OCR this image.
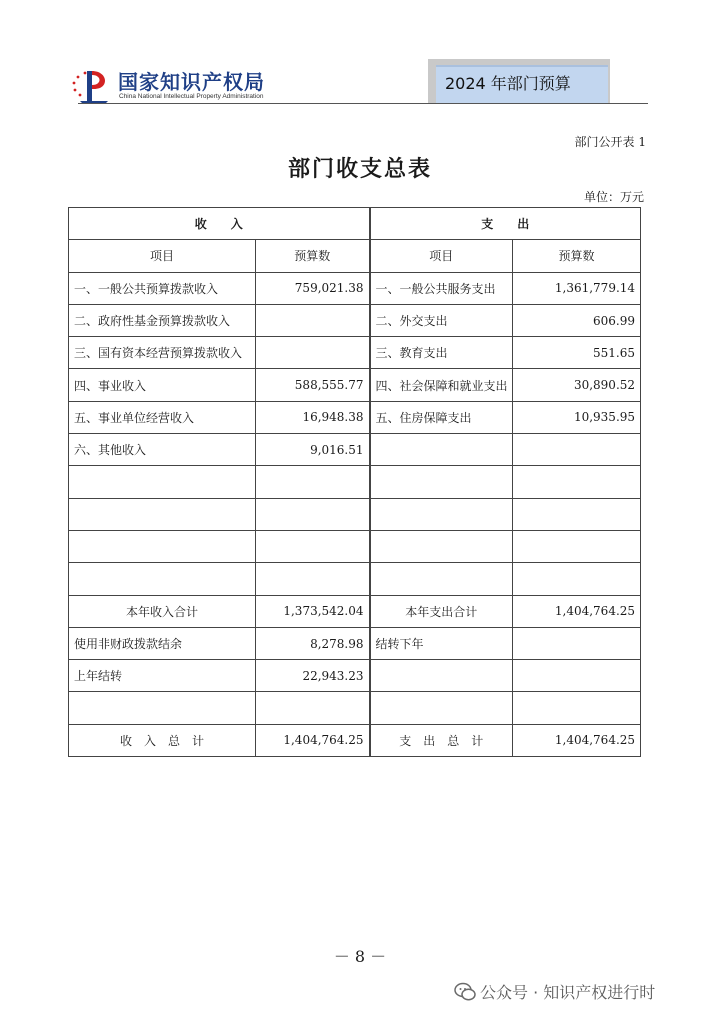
国家知识产权局
China National Intellectual Property Administration
2024 年部门预算
部门公开表 1
部门收支总表
单位：万元
收　　入		支　　出	
项目	预算数	项目	预算数
一、一般公共预算拨款收入	759,021.38	一、一般公共服务支出	1,361,779.14
二、政府性基金预算拨款收入		二、外交支出	606.99
三、国有资本经营预算拨款收入		三、教育支出	551.65
四、事业收入	588,555.77	四、社会保障和就业支出	30,890.52
五、事业单位经营收入	16,948.38	五、住房保障支出	10,935.95
六、其他收入	9,016.51		

本年收入合计	1,373,542.04	本年支出合计	1,404,764.25
使用非财政拨款结余	8,278.98	结转下年	
上年结转	22,943.23		

收　入　总　计	1,404,764.25	支　出　总　计	1,404,764.25
－ 8 －
公众号 · 知识产权进行时
